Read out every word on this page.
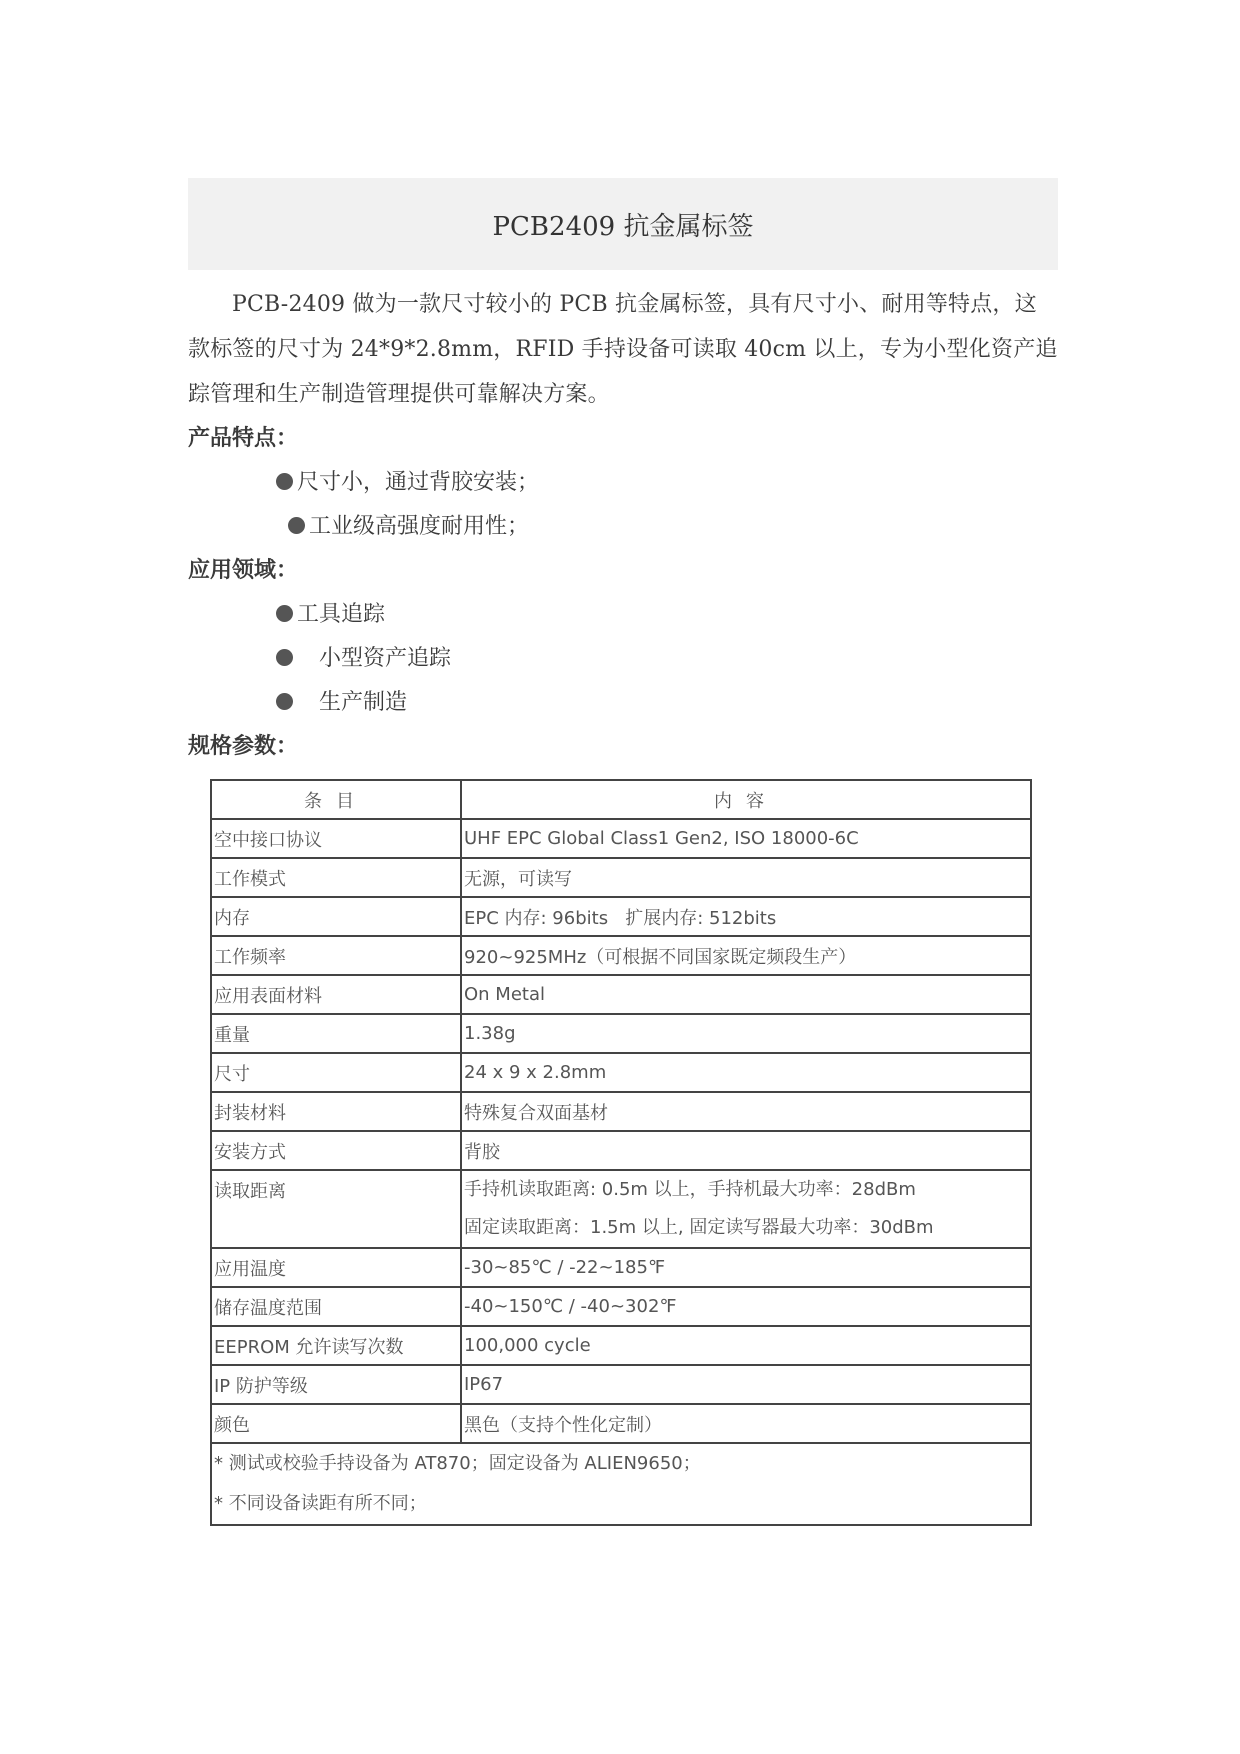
PCB2409 抗金属标签
PCB-2409 做为一款尺寸较小的 PCB 抗金属标签，具有尺寸小、耐用等特点，这款标签的尺寸为 24*9*2.8mm，RFID 手持设备可读取 40cm 以上，专为小型化资产追踪管理和生产制造管理提供可靠解决方案。
产品特点：
尺寸小，通过背胶安装；
工业级高强度耐用性；
应用领域：
工具追踪
小型资产追踪
生产制造
规格参数：
条目	内容
空中接口协议	UHF EPC Global Class1 Gen2, ISO 18000-6C
工作模式	无源，可读写
内存	EPC 内存: 96bits   扩展内存: 512bits
工作频率	920~925MHz（可根据不同国家既定频段生产）
应用表面材料	On Metal
重量	1.38g
尺寸	24 x 9 x 2.8mm
封装材料	特殊复合双面基材
安装方式	背胶
读取距离	手持机读取距离: 0.5m 以上，手持机最大功率：28dBm
固定读取距离：1.5m 以上, 固定读写器最大功率：30dBm

应用温度	-30~85℃ / -22~185℉
储存温度范围	-40~150℃ / -40~302℉
EEPROM 允许读写次数	100,000 cycle
IP 防护等级	IP67
颜色	黑色（支持个性化定制）

* 测试或校验手持设备为 AT870；固定设备为 ALIEN9650；
* 不同设备读距有所不同；	
